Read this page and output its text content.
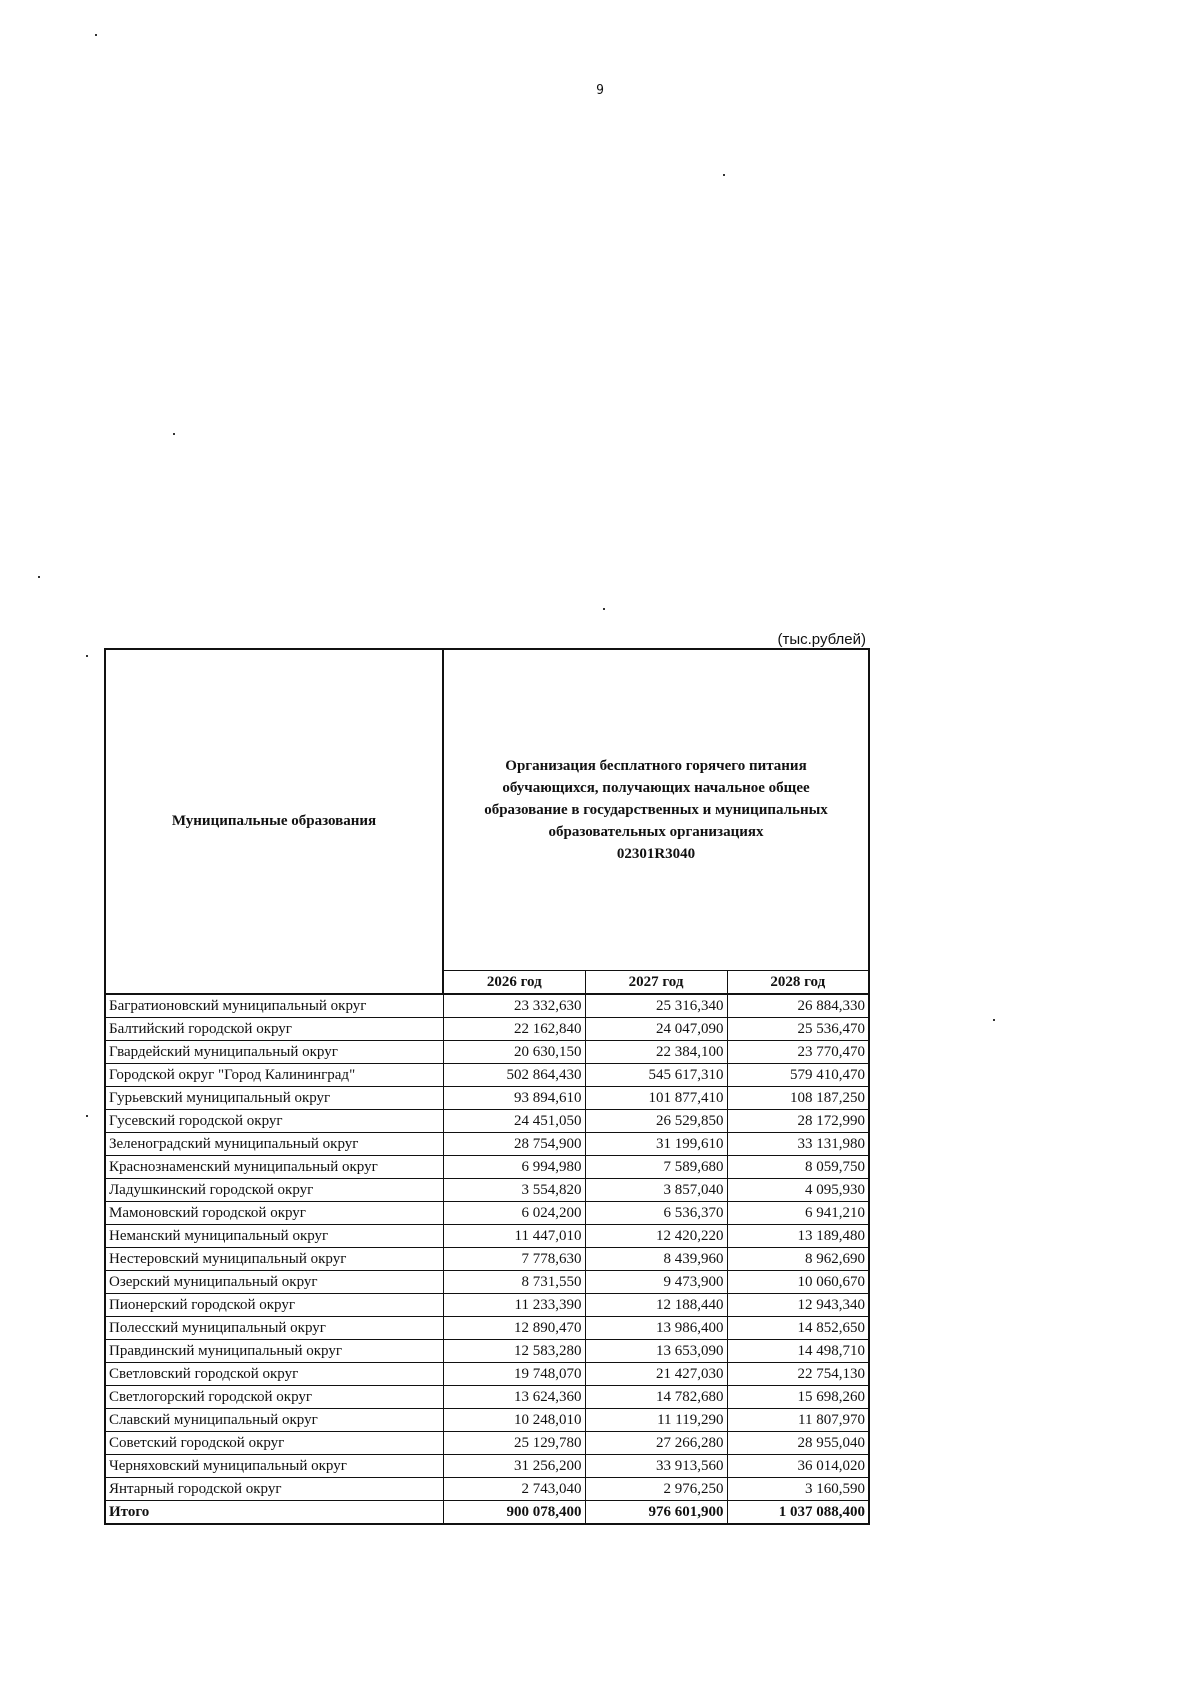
9
(тыс.рублей)
Муниципальные образования	Организация бесплатного горячего питания
обучающихся, получающих начальное общее
образование в государственных и муниципальных
образовательных организациях
02301R3040		

	2026 год	2027 год	2028 год
Багратионовский муниципальный округ	23 332,630	25 316,340	26 884,330
Балтийский городской округ	22 162,840	24 047,090	25 536,470
Гвардейский муниципальный округ	20 630,150	22 384,100	23 770,470
Городской округ "Город Калининград"	502 864,430	545 617,310	579 410,470
Гурьевский муниципальный округ	93 894,610	101 877,410	108 187,250
Гусевский городской округ	24 451,050	26 529,850	28 172,990
Зеленоградский муниципальный округ	28 754,900	31 199,610	33 131,980
Краснознаменский муниципальный округ	6 994,980	7 589,680	8 059,750
Ладушкинский городской округ	3 554,820	3 857,040	4 095,930
Мамоновский городской округ	6 024,200	6 536,370	6 941,210
Неманский муниципальный округ	11 447,010	12 420,220	13 189,480
Нестеровский муниципальный округ	7 778,630	8 439,960	8 962,690
Озерский муниципальный округ	8 731,550	9 473,900	10 060,670
Пионерский городской округ	11 233,390	12 188,440	12 943,340
Полесский муниципальный округ	12 890,470	13 986,400	14 852,650
Правдинский муниципальный округ	12 583,280	13 653,090	14 498,710
Светловский городской округ	19 748,070	21 427,030	22 754,130
Светлогорский городской округ	13 624,360	14 782,680	15 698,260
Славский муниципальный округ	10 248,010	11 119,290	11 807,970
Советский городской округ	25 129,780	27 266,280	28 955,040
Черняховский муниципальный округ	31 256,200	33 913,560	36 014,020
Янтарный городской округ	2 743,040	2 976,250	3 160,590
Итого	900 078,400	976 601,900	1 037 088,400
